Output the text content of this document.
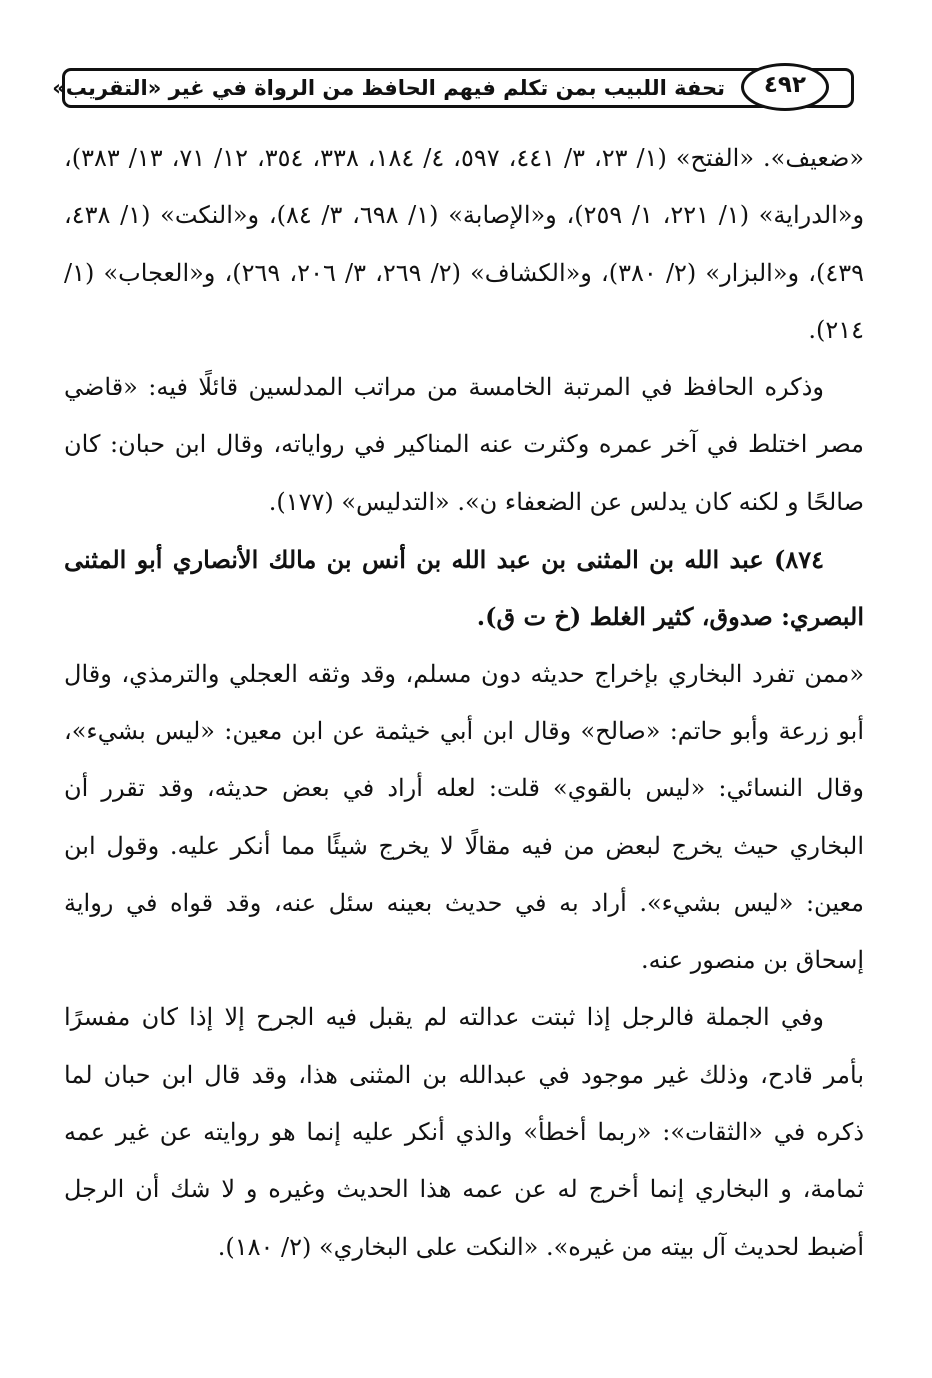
٤٩٢
تحفة اللبيب بمن تكلم فيهم الحافظ من الرواة في غير «التقريب»

«ضعيف». «الفتح» (١/ ٢٣، ٣/ ٤٤١، ٥٩٧، ٤/ ١٨٤، ٣٣٨، ٣٥٤، ١٢/ ٧١، ١٣/ ٣٨٣)، و«الدراية» (١/ ٢٢١، ١/ ٢٥٩)، و«الإصابة» (١/ ٦٩٨، ٣/ ٨٤)، و«النكت» (١/ ٤٣٨، ٤٣٩)، و«البزار» (٢/ ٣٨٠)، و«الكشاف» (٢/ ٢٦٩، ٣/ ٢٠٦، ٢٦٩)، و«العجاب» (١/ ٢١٤).

وذكره الحافظ في المرتبة الخامسة من مراتب المدلسين قائلًا فيه: «قاضي مصر اختلط في آخر عمره وكثرت عنه المناكير في رواياته، وقال ابن حبان: كان صالحًا و لكنه كان يدلس عن الضعفاء ن». «التدليس» (١٧٧).

٨٧٤) عبد الله بن المثنى بن عبد الله بن أنس بن مالك الأنصاري أبو المثنى البصري: صدوق، كثير الغلط (خ ت ق).

«ممن تفرد البخاري بإخراج حديثه دون مسلم، وقد وثقه العجلي والترمذي، وقال أبو زرعة وأبو حاتم: «صالح» وقال ابن أبي خيثمة عن ابن معين: «ليس بشيء»، وقال النسائي: «ليس بالقوي» قلت: لعله أراد في بعض حديثه، وقد تقرر أن البخاري حيث يخرج لبعض من فيه مقالًا لا يخرج شيئًا مما أنكر عليه. وقول ابن معين: «ليس بشيء». أراد به في حديث بعينه سئل عنه، وقد قواه في رواية إسحاق بن منصور عنه.

وفي الجملة فالرجل إذا ثبتت عدالته لم يقبل فيه الجرح إلا إذا كان مفسرًا بأمر قادح، وذلك غير موجود في عبدالله بن المثنى هذا، وقد قال ابن حبان لما ذكره في «الثقات»: «ربما أخطأ» والذي أنكر عليه إنما هو روايته عن غير عمه ثمامة، و البخاري إنما أخرج له عن عمه هذا الحديث وغيره و لا شك أن الرجل أضبط لحديث آل بيته من غيره». «النكت على البخاري» (٢/ ١٨٠).
